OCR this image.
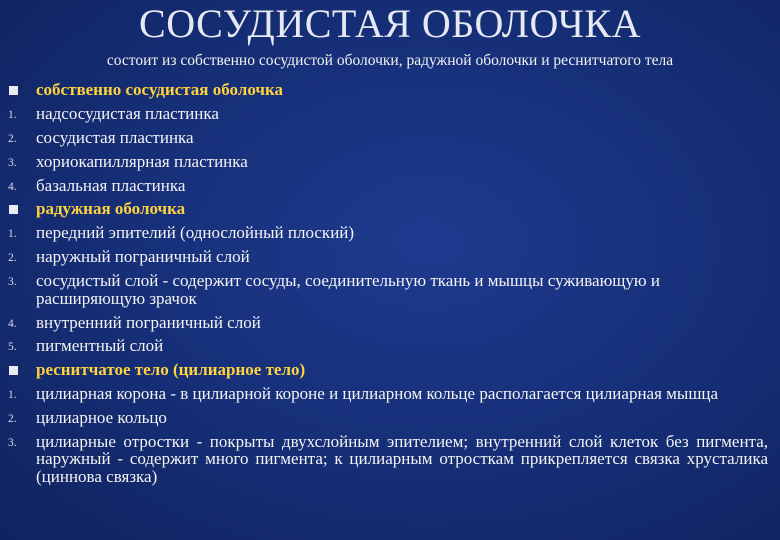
СОСУДИСТАЯ ОБОЛОЧКА
состоит из собственно сосудистой оболочки, радужной оболочки и реснитчатого тела
собственно сосудистая оболочка
1. надсосудистая пластинка
2. сосудистая пластинка
3. хориокапиллярная пластинка
4. базальная пластинка
радужная оболочка
1. передний эпителий (однослойный плоский)
2. наружный пограничный слой
3. сосудистый слой - содержит сосуды, соединительную ткань и мышцы суживающую и расширяющую зрачок
4. внутренний пограничный слой
5. пигментный слой
реснитчатое тело (цилиарное тело)
1. цилиарная корона - в цилиарной короне и цилиарном кольце располагается цилиарная мышца
2. цилиарное кольцо
3. цилиарные отростки - покрыты двухслойным эпителием; внутренний слой клеток без пигмента, наружный - содержит много пигмента; к цилиарным отросткам прикрепляется связка хрусталика (циннова связка)
